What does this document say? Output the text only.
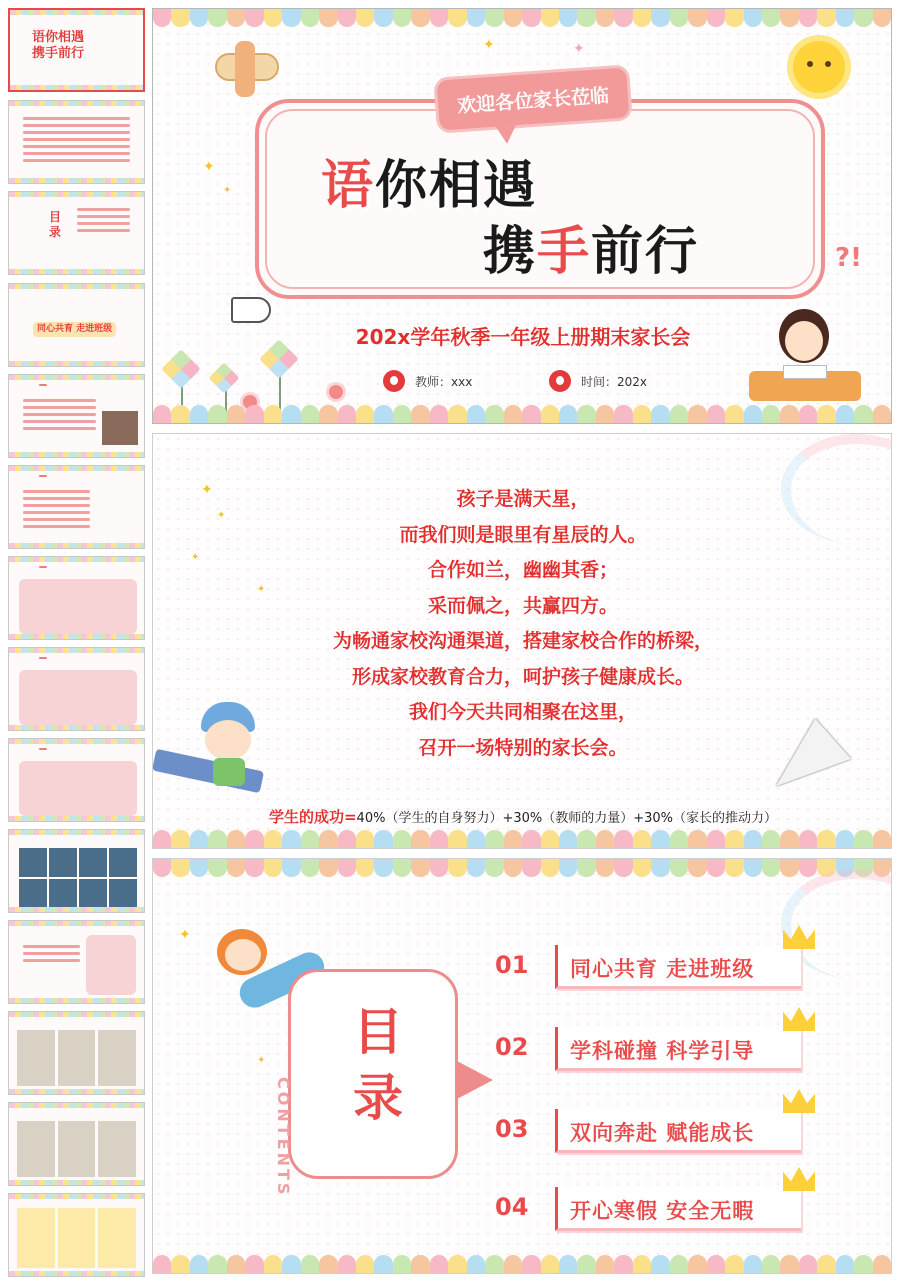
语你相遇
携手前行
目
录
同心共育 走进班级
✦	✦
✦
✦
欢迎各位家长莅临
语你相遇
携手前行	?!
202x学年秋季一年级上册期末家长会
教师：xxx	时间：202x
✦
✦
✦
✦
孩子是满天星，
而我们则是眼里有星辰的人。
合作如兰，幽幽其香；
采而佩之，共赢四方。
为畅通家校沟通渠道，搭建家校合作的桥梁，
形成家校教育合力，呵护孩子健康成长。
我们今天共同相聚在这里，
召开一场特别的家长会。
学生的成功=40%（学生的自身努力）+30%（教师的力量）+30%（家长的推动力）
✦
✦
CONTENTS
目
录
01 同心共育 走进班级
02 学科碰撞 科学引导
03 双向奔赴 赋能成长
04 开心寒假 安全无暇
